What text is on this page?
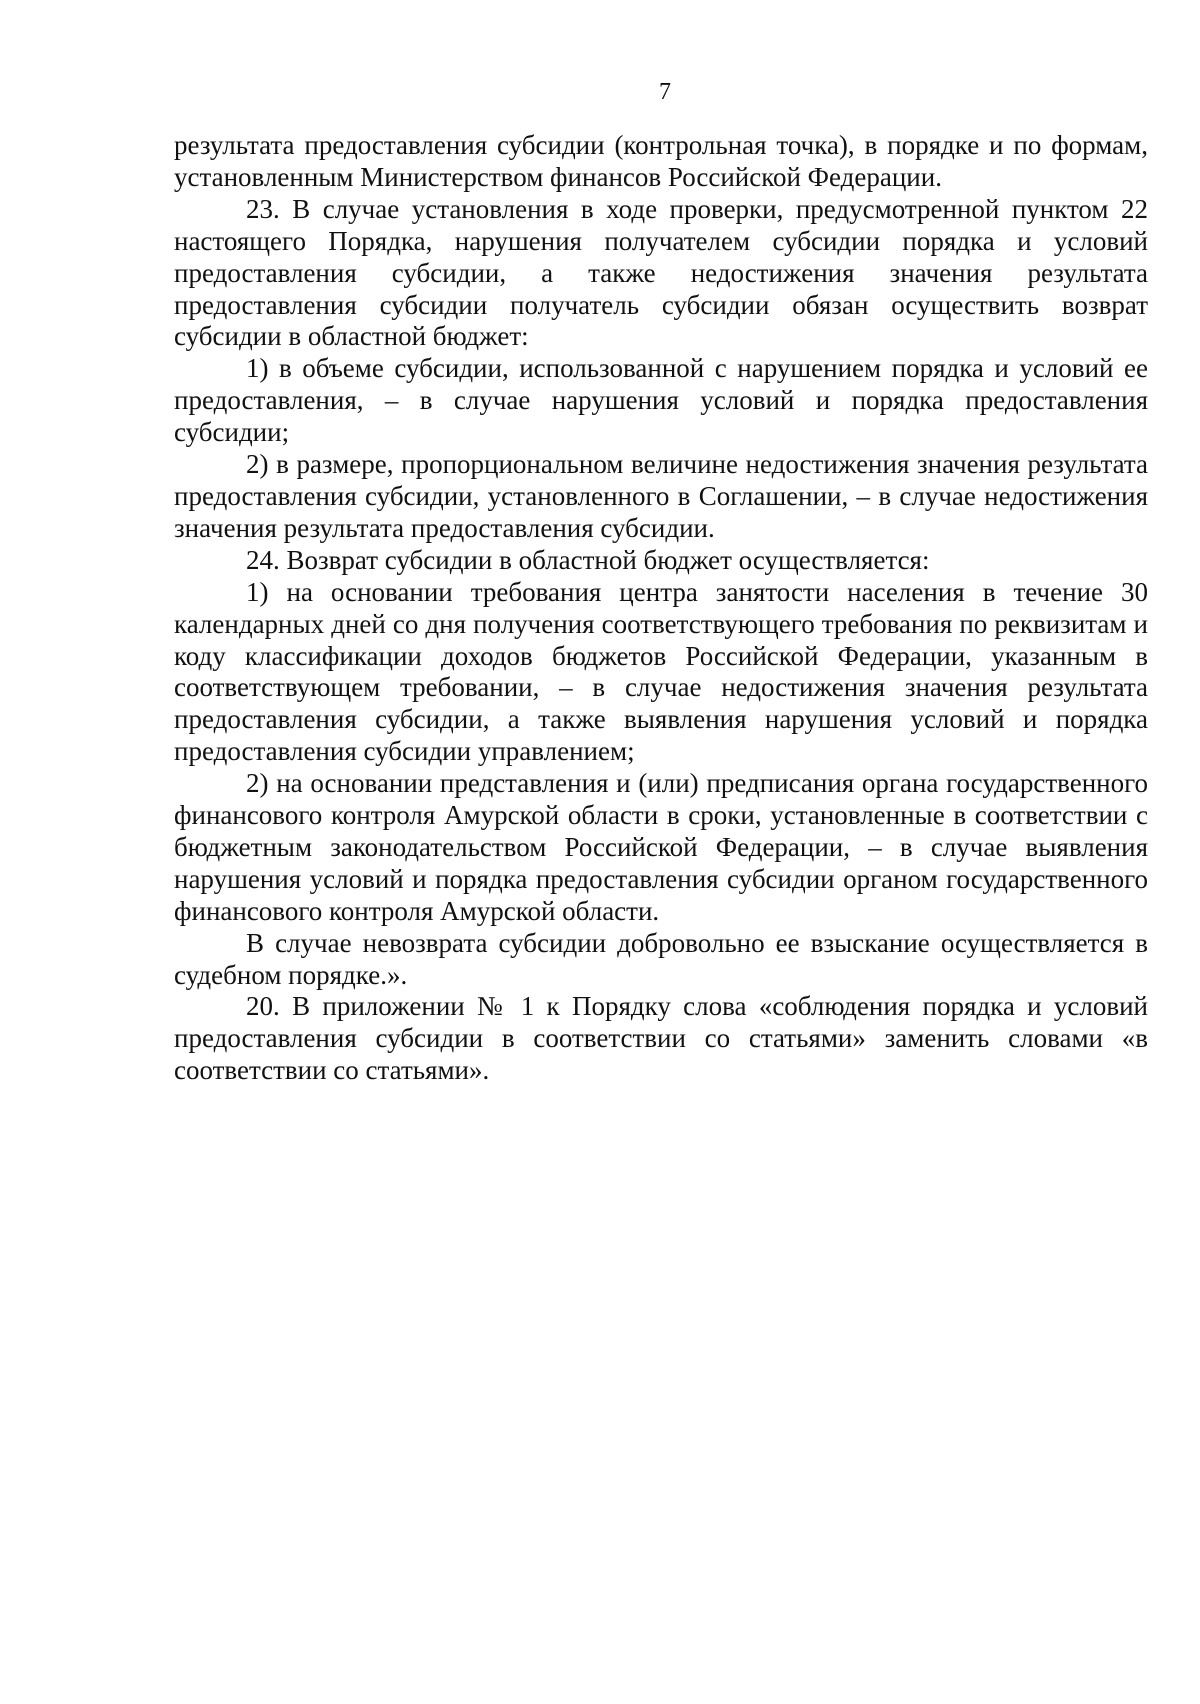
7

результата предоставления субсидии (контрольная точка), в порядке и по формам, установленным Министерством финансов Российской Федерации.

23. В случае установления в ходе проверки, предусмотренной пунктом 22 настоящего Порядка, нарушения получателем субсидии порядка и условий предоставления субсидии, а также недостижения значения результата предоставления субсидии получатель субсидии обязан осуществить возврат субсидии в областной бюджет:

1) в объеме субсидии, использованной с нарушением порядка и условий ее предоставления, – в случае нарушения условий и порядка предоставления субсидии;

2) в размере, пропорциональном величине недостижения значения результата предоставления субсидии, установленного в Соглашении, – в случае недостижения значения результата предоставления субсидии.

24. Возврат субсидии в областной бюджет осуществляется:

1) на основании требования центра занятости населения в течение 30 календарных дней со дня получения соответствующего требования по реквизитам и коду классификации доходов бюджетов Российской Федерации, указанным в соответствующем требовании, – в случае недостижения значения результата предоставления субсидии, а также выявления нарушения условий и порядка предоставления субсидии управлением;

2) на основании представления и (или) предписания органа государственного финансового контроля Амурской области в сроки, установленные в соответствии с бюджетным законодательством Российской Федерации, – в случае выявления нарушения условий и порядка предоставления субсидии органом государственного финансового контроля Амурской области.

В случае невозврата субсидии добровольно ее взыскание осуществляется в судебном порядке.».

20. В приложении № 1 к Порядку слова «соблюдения порядка и условий предоставления субсидии в соответствии со статьями» заменить словами «в соответствии со статьями».
